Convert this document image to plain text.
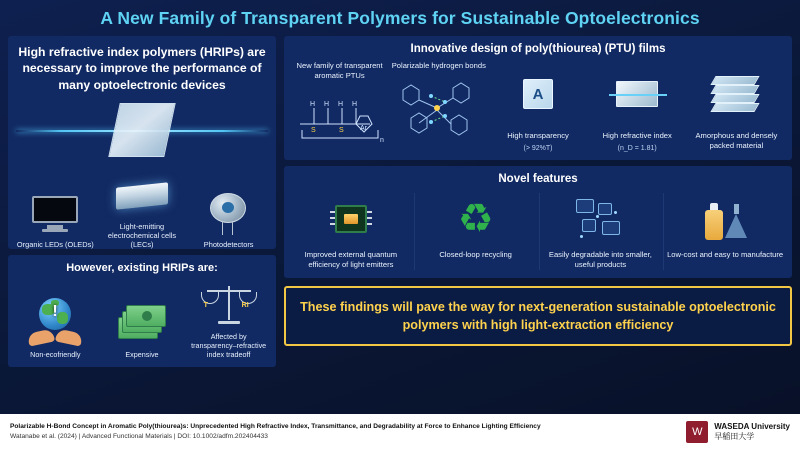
A New Family of Transparent Polymers for Sustainable Optoelectronics
High refractive index polymers (HRIPs) are necessary to improve the performance of many optoelectronic devices
Organic LEDs (OLEDs)
Light-emitting electrochemical cells (LECs)	Photodetectors
However, existing HRIPs are:
!
Non-ecofriendly	Expensive
T	RI
Affected by transparency–refractive index tradeoff
Innovative design of poly(thiourea) (PTU) films
New family of transparent aromatic PTUs
H H H H
S	S Ar
n
Polarizable hydrogen bonds
A
High transparency
(> 92%T)
High refractive index
(n_D = 1.81)
Amorphous and densely packed material
Novel features
Improved external quantum efficiency of light emitters
♻
Closed-loop recycling	Easily degradable into smaller, useful products
Low-cost and easy to manufacture
These findings will pave the way for next-generation sustainable optoelectronic polymers with high light-extraction efficiency
Polarizable H-Bond Concept in Aromatic Poly(thiourea)s: Unprecedented High Refractive Index, Transmittance, and Degradability at Force to Enhance Lighting Efficiency
Watanabe et al. (2024) | Advanced Functional Materials | DOI: 10.1002/adfm.202404433	W	WASEDA University
早稲田大学
